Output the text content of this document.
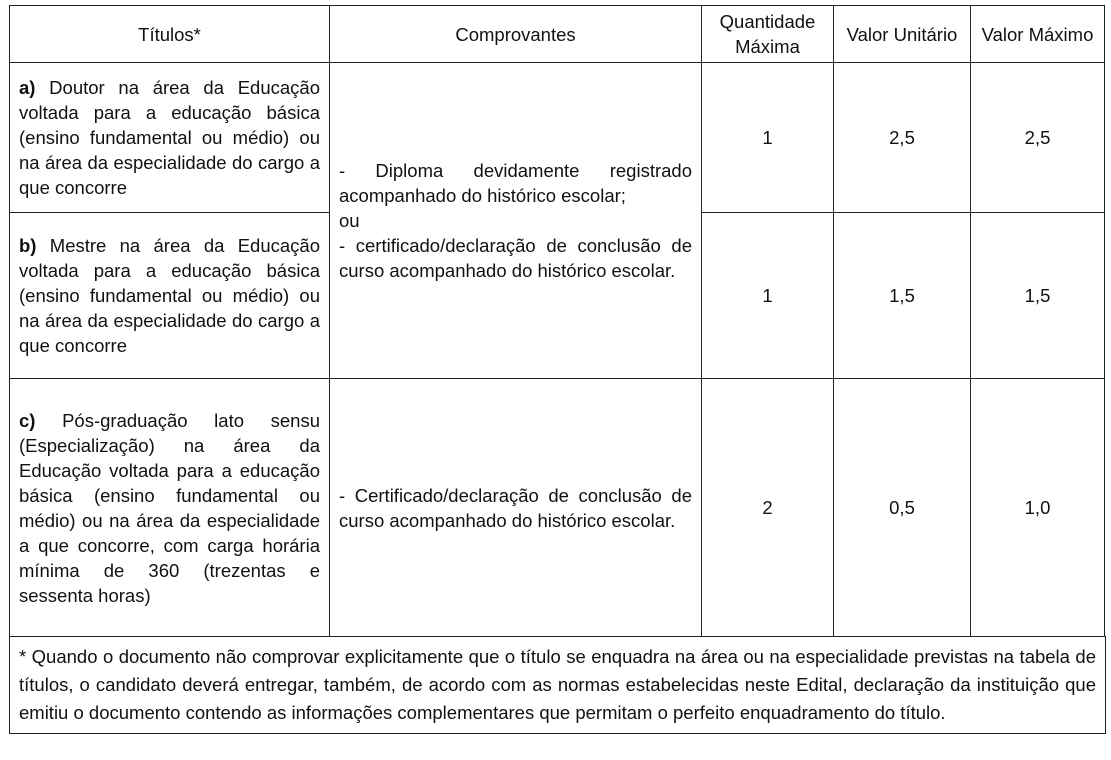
Títulos*	Comprovantes	Quantidade Máxima	Valor Unitário	Valor Máximo
a) Doutor na área da Educação voltada para a educação básica (ensino fundamental ou médio) ou na área da especialidade do cargo a que concorre	- Diploma devidamente registrado acompanhado do histórico escolar;
ou
- certificado/declaração de conclusão de curso acompanhado do histórico escolar.	1	2,5	2,5
b) Mestre na área da Educação voltada para a educação básica (ensino fundamental ou médio) ou na área da especialidade do cargo a que concorre		1	1,5	1,5
c) Pós-graduação lato sensu (Especialização) na área da Educação voltada para a educação básica (ensino fundamental ou médio) ou na área da especialidade a que concorre, com carga horária mínima de 360 (trezentas e sessenta horas)	- Certificado/declaração de conclusão de curso acompanhado do histórico escolar.	2	0,5	1,0
* Quando o documento não comprovar explicitamente que o título se enquadra na área ou na especialidade previstas na tabela de títulos, o candidato deverá entregar, também, de acordo com as normas estabelecidas neste Edital, declaração da instituição que emitiu o documento contendo as informações complementares que permitam o perfeito enquadramento do título.
